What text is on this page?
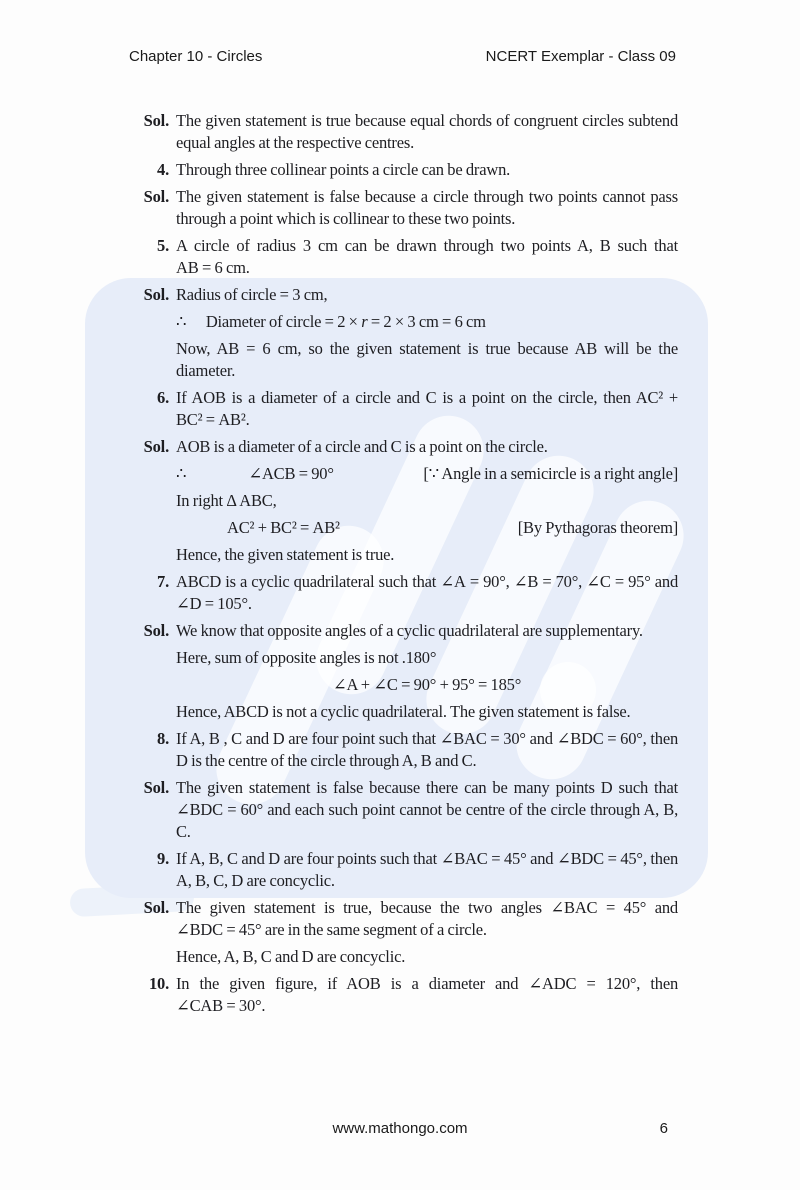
Chapter 10 - Circles	NCERT Exemplar - Class 09
Sol. The given statement is true because equal chords of congruent circles subtend equal angles at the respective centres.

4. Through three collinear points a circle can be drawn.

Sol. The given statement is false because a circle through two points cannot pass through a point which is collinear to these two points.

5. A circle of radius 3 cm can be drawn through two points A, B such that AB = 6 cm.

Sol. Radius of circle = 3 cm,

∴   Diameter of circle = 2 × r = 2 × 3 cm = 6 cm

Now, AB = 6 cm, so the given statement is true because AB will be the diameter.

6. If AOB is a diameter of a circle and C is a point on the circle, then AC² + BC² = AB².

Sol. AOB is a diameter of a circle and C is a point on the circle.

∴	∠ACB = 90°	[∵ Angle in a semicircle is a right angle]

In right Δ ABC,

AC² + BC² = AB²	[By Pythagoras theorem]

Hence, the given statement is true.

7. ABCD is a cyclic quadrilateral such that ∠A = 90°, ∠B = 70°, ∠C = 95° and ∠D = 105°.

Sol. We know that opposite angles of a cyclic quadrilateral are supplementary.

Here, sum of opposite angles is not .180°

∠A + ∠C = 90° + 95° = 185°

Hence, ABCD is not a cyclic quadrilateral. The given statement is false.

8. If A, B , C and D are four point such that ∠BAC = 30° and ∠BDC = 60°, then D is the centre of the circle through A, B and C.

Sol. The given statement is false because there can be many points D such that ∠BDC = 60° and each such point cannot be centre of the circle through A, B, C.

9. If A, B, C and D are four points such that ∠BAC = 45° and ∠BDC = 45°, then A, B, C, D are concyclic.

Sol. The given statement is true, because the two angles ∠BAC = 45° and ∠BDC = 45° are in the same segment of a circle.

Hence, A, B, C and D are concyclic.

10. In the given figure, if AOB is a diameter and ∠ADC = 120°, then ∠CAB = 30°.

www.mathongo.com	6
